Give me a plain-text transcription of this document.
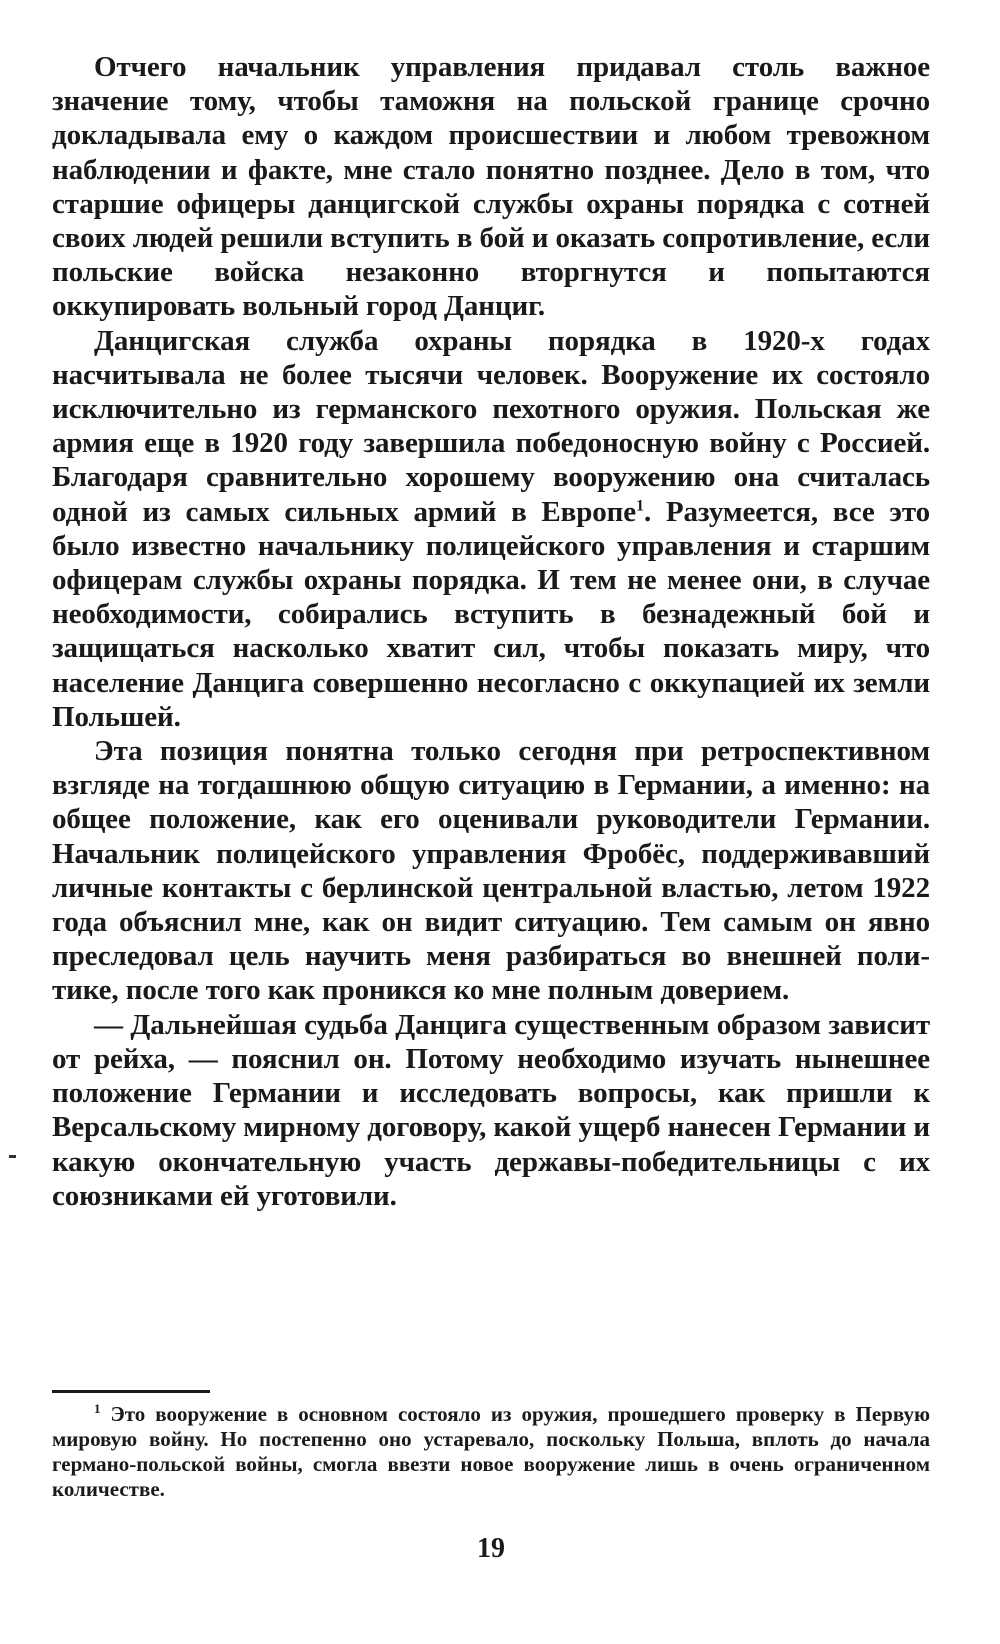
Отчего начальник управления придавал столь важное значение тому, чтобы таможня на польской границе срочно докладывала ему о каждом происшествии и любом тревожном наблюдении и факте, мне стало понятно позднее. Дело в том, что старшие офицеры данцигской службы охраны порядка с сотней своих людей решили вступить в бой и оказать сопротивление, если польские войска незаконно вторгнутся и попытаются оккупировать вольный город Данциг.

Данцигская служба охраны порядка в 1920-х годах насчитывала не более тысячи человек. Вооружение их состояло исключительно из германского пехотного оружия. Польская же армия еще в 1920 году завершила победоносную войну с Россией. Благодаря сравнительно хорошему вооружению она считалась одной из самых сильных армий в Европе$^1$. Разумеется, все это было известно начальнику полицейского управления и старшим офицерам службы охраны порядка. И тем не менее они, в случае необходимости, собирались вступить в безнадежный бой и защищаться насколько хватит сил, чтобы показать миру, что население Данцига совершенно несогласно с оккупацией их земли Польшей.

Эта позиция понятна только сегодня при ретроспективном взгляде на тогдашнюю общую ситуацию в Германии, а именно: на общее положение, как его оценивали руководители Германии. Начальник полицейского управления Фробёс, поддерживавший личные контакты с берлинской центральной властью, летом 1922 года объяснил мне, как он видит ситуацию. Тем самым он явно преследовал цель научить меня разбираться во внешней политике, после того как проникся ко мне полным доверием.

— Дальнейшая судьба Данцига существенным образом зависит от рейха, — пояснил он. Потому необходимо изучать нынешнее положение Германии и исследовать вопросы, как пришли к Версальскому мирному договору, какой ущерб нанесен Германии и какую окончательную участь державы-победительницы с их союзниками ей уготовили.

$^1$ Это вооружение в основном состояло из оружия, прошедшего проверку в Первую мировую войну. Но постепенно оно устаревало, поскольку Польша, вплоть до начала германо-польской войны, смогла ввезти новое вооружение лишь в очень ограниченном количестве.

19
